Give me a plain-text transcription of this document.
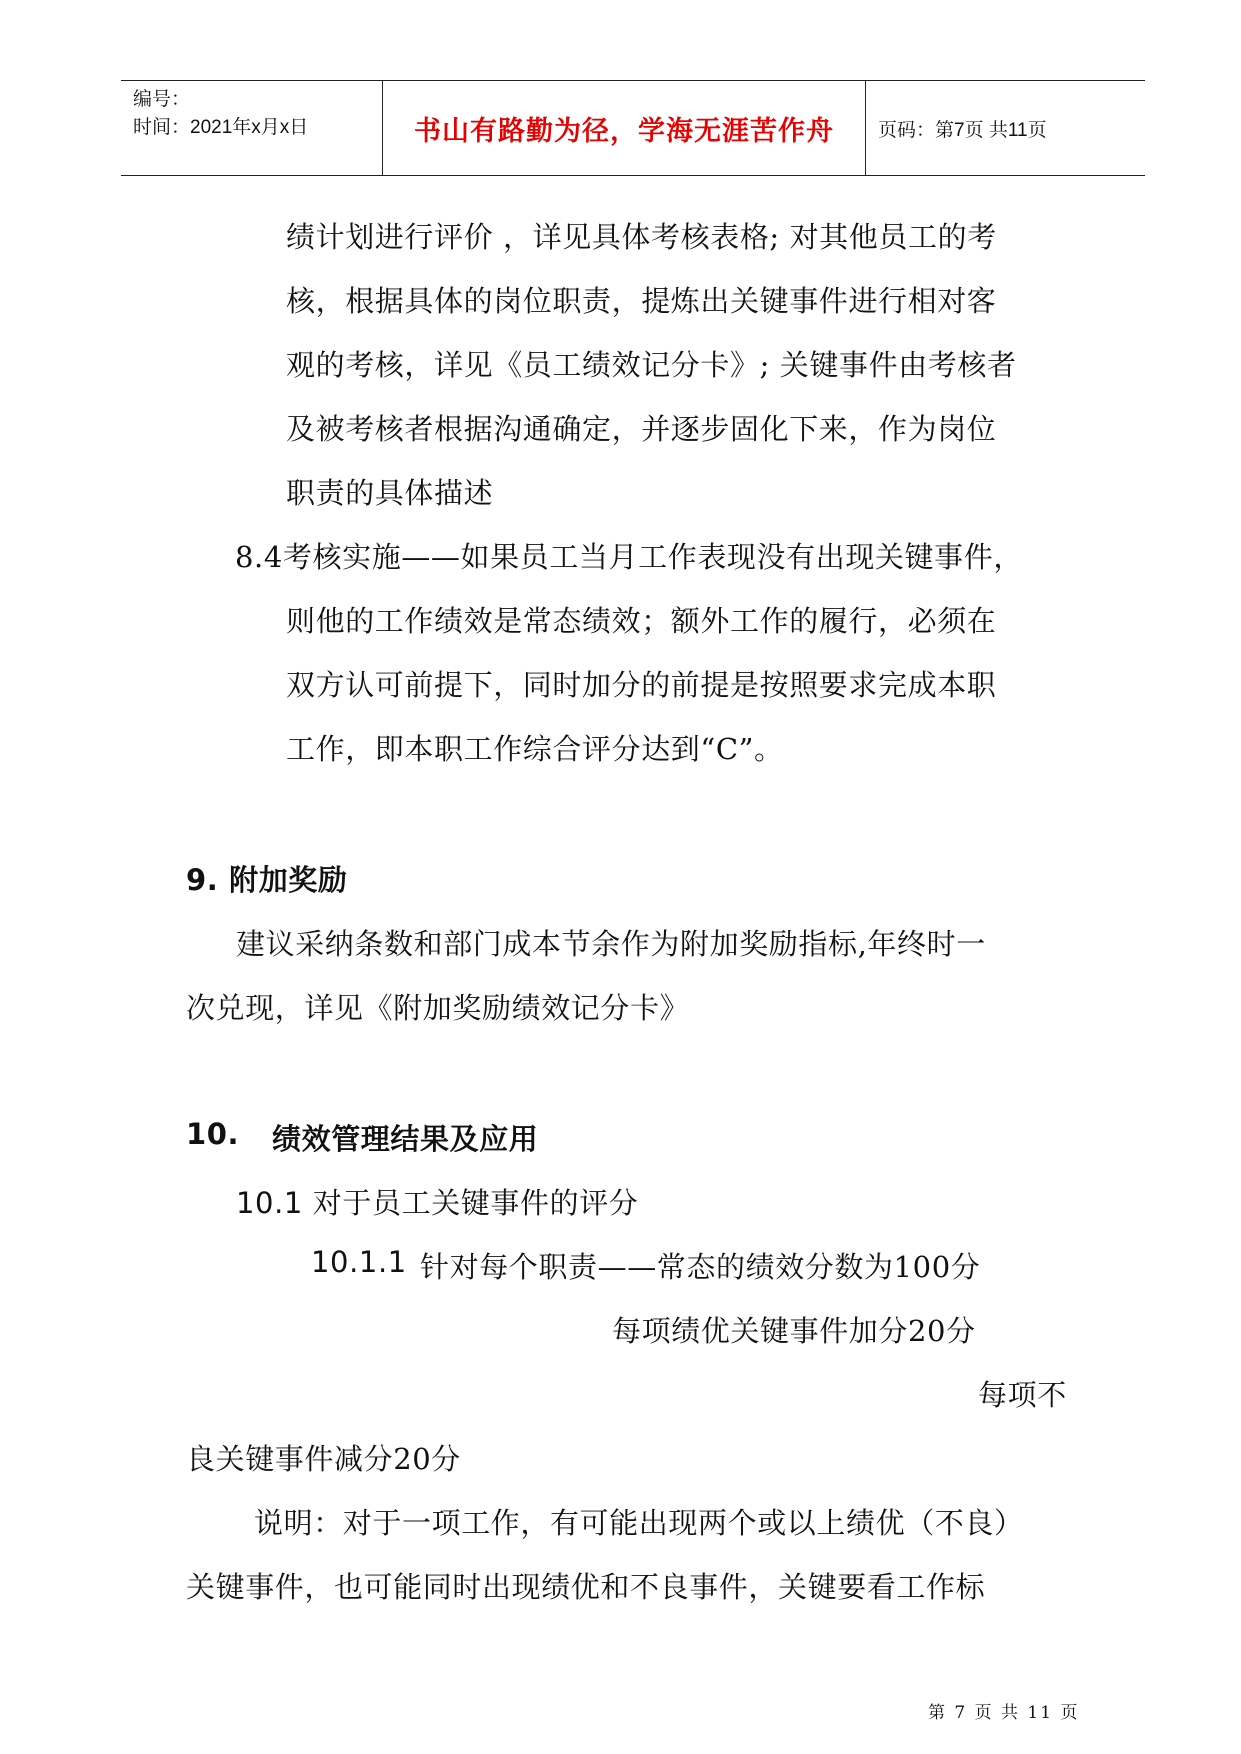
编号：
时间：2021年x月x日	书山有路勤为径，学海无涯苦作舟	页码：第7页 共11页
绩计划进行评价 ，详见具体考核表格; 对其他员工的考
核，根据具体的岗位职责，提炼出关键事件进行相对客
观的考核，详见《员工绩效记分卡》; 关键事件由考核者
及被考核者根据沟通确定，并逐步固化下来，作为岗位
职责的具体描述
8.4考核实施——如果员工当月工作表现没有出现关键事件，
则他的工作绩效是常态绩效；额外工作的履行，必须在
双方认可前提下，同时加分的前提是按照要求完成本职
工作，即本职工作综合评分达到“C”。
9. 附加奖励
建议采纳条数和部门成本节余作为附加奖励指标,年终时一
次兑现，详见《附加奖励绩效记分卡》
10. 绩效管理结果及应用
10.1 对于员工关键事件的评分
10.1.1 针对每个职责——常态的绩效分数为100分
每项绩优关键事件加分20分
每项不
良关键事件减分20分
说明：对于一项工作，有可能出现两个或以上绩优（不良）
关键事件，也可能同时出现绩优和不良事件，关键要看工作标
第 7 页 共 11 页
